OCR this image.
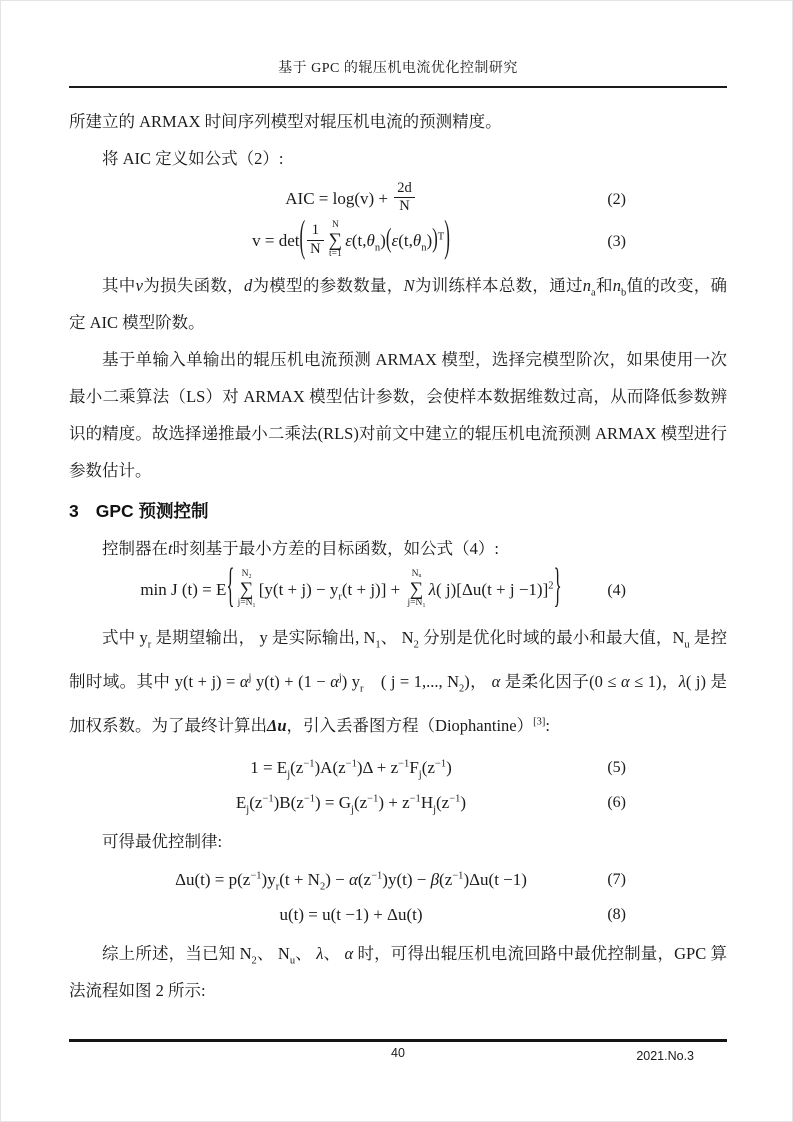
基于 GPC 的辊压机电流优化控制研究

所建立的 ARMAX 时间序列模型对辊压机电流的预测精度。

将 AIC 定义如公式（2）:

AIC = $\log(v) + \frac{2d}{N}$	(2)
$v = \det( \frac{1}{N}$ N
∑
t=1
$\varepsilon(t,\theta_n)(\varepsilon(t,\theta_n))^T$)	(3)

其中v为损失函数，d为模型的参数数量，N为训练样本总数，通过$n_a$和$n_b$值的改变，确定 AIC 模型阶数。

基于单输入单输出的辊压机电流预测 ARMAX 模型，选择完模型阶次，如果使用一次最小二乘算法（LS）对 ARMAX 模型估计参数，会使样本数据维数过高，从而降低参数辨识的精度。故选择递推最小二乘法(RLS)对前文中建立的辊压机电流预测 ARMAX 模型进行参数估计。

3 GPC 预测控制

控制器在t时刻基于最小方差的目标函数，如公式（4）:

min J (t) = E{ N₂
∑
j=N₁
$[y(t + j) - y_r(t + j)]$ +
Nᵤ
∑
j=N₁
λ( $j)[\Delta u(t + j -1)]^2$}	(4)

式中 $y_r$ 是期望输出， y 是实际输出, $N_1$、 $N_2$ 分别是优化时域的最小和最大值，$N_u$ 是控制时域。其中 $y(t + j) = \alpha^j$ $y(t) + (1 - \alpha^j)$ $y_r$　( j = 1,..., $N_2$)， α 是柔化因子(0 ≤ α ≤ 1)，λ( j) 是加权系数。为了最终计算出Δu，引入丢番图方程（Diophantine）[3]:

$1 = E_j(z^{-1})A(z^{-1})\Delta + z^{-1}F_j(z^{-1})$	(5)
$E_j(z^{-1})B(z^{-1}) = G_j(z^{-1}) + z^{-1}H_j(z^{-1})$	(6)

可得最优控制律:

$\Delta u(t) = p(z^{-1})y_r(t + N_2) - \alpha(z^{-1})y(t) - \beta(z^{-1})\Delta u(t -1)$	(7)
u(t) = u(t −1) + Δu(t)	(8)

综上所述，当已知 $N_2$、 $N_u$、 λ、 α 时，可得出辊压机电流回路中最优控制量，GPC 算法流程如图 2 所示:

40	2021.No.3
